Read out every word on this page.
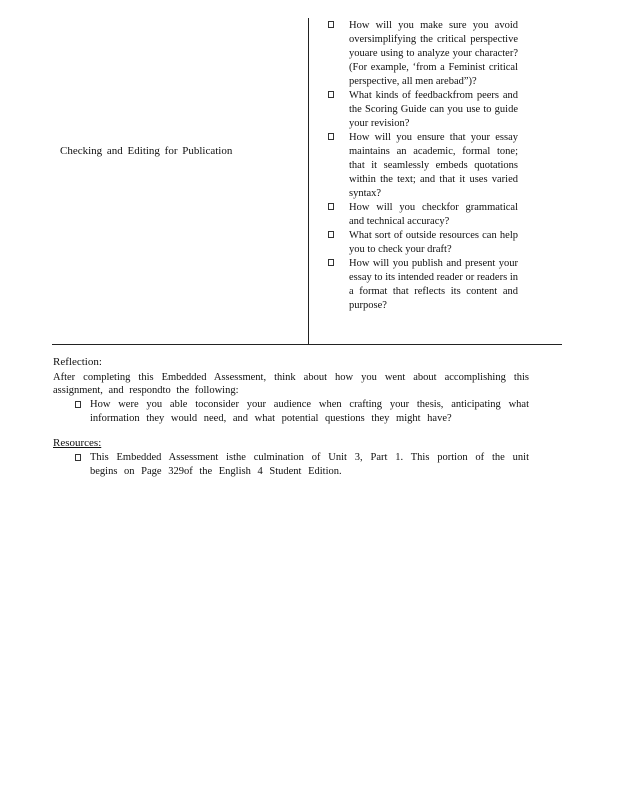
Checking and Editing for Publication
How will you make sure you avoid oversimplifying the critical perspective youare using to analyze your character?(For example, ‘from a Feminist critical perspective, all men arebad”)?
What kinds of feedbackfrom peers and the Scoring Guide can you use to guide your revision?
How will you ensure that your essay maintains an academic, formal tone; that it seamlessly embeds quotations within the text; and that it uses varied syntax?
How will you checkfor grammatical and technical accuracy?
What sort of outside resources can help you to check your draft?
How will you publish and present your essay to its intended reader or readers in a format that reflects its content and purpose?
Reflection:

After completing this Embedded Assessment, think about how you went about accomplishing this assignment, and respondto the following:

How were you able toconsider your audience when crafting your thesis, anticipating what information they would need, and what potential questions they might have?
Resources:
This Embedded Assessment isthe culmination of Unit 3, Part 1. This portion of the unit begins on Page 329of the English 4 Student Edition.
